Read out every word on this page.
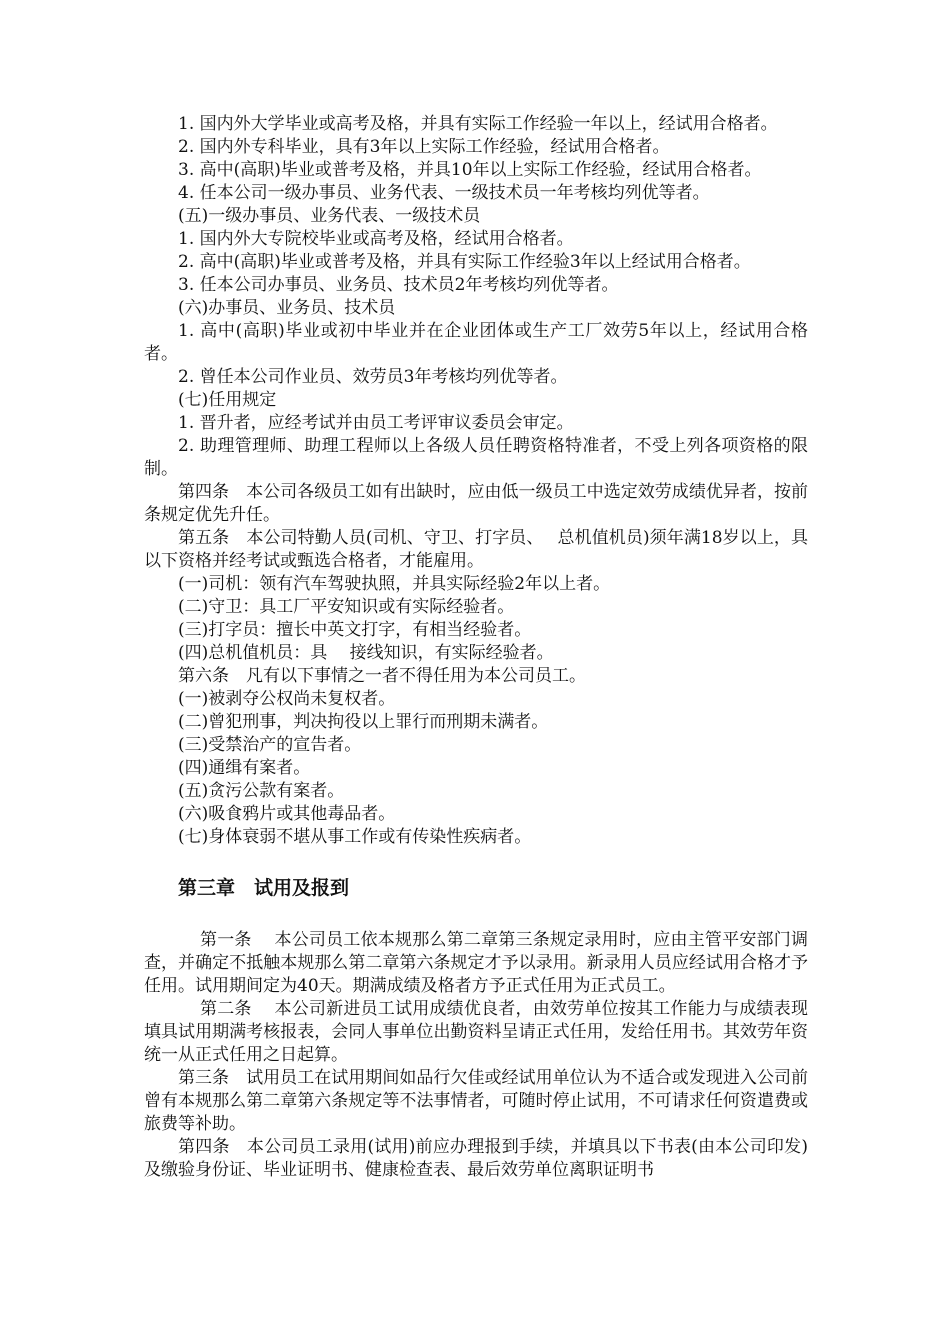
1. 国内外大学毕业或高考及格，并具有实际工作经验一年以上，经试用合格者。

2. 国内外专科毕业，具有3年以上实际工作经验，经试用合格者。

3. 高中(高职)毕业或普考及格，并具10年以上实际工作经验，经试用合格者。

4. 任本公司一级办事员、业务代表、一级技术员一年考核均列优等者。

(五)一级办事员、业务代表、一级技术员

1. 国内外大专院校毕业或高考及格，经试用合格者。

2. 高中(高职)毕业或普考及格，并具有实际工作经验3年以上经试用合格者。

3. 任本公司办事员、业务员、技术员2年考核均列优等者。

(六)办事员、业务员、技术员

1. 高中(高职)毕业或初中毕业并在企业团体或生产工厂效劳5年以上，经试用合格者。

2. 曾任本公司作业员、效劳员3年考核均列优等者。

(七)任用规定

1. 晋升者，应经考试并由员工考评审议委员会审定。

2. 助理管理师、助理工程师以上各级人员任聘资格特准者，不受上列各项资格的限制。

第四条　本公司各级员工如有出缺时，应由低一级员工中选定效劳成绩优异者，按前条规定优先升任。

第五条　本公司特勤人员(司机、守卫、打字员、　 总机值机员)须年满18岁以上，具以下资格并经考试或甄选合格者，才能雇用。

(一)司机：领有汽车驾驶执照，并具实际经验2年以上者。

(二)守卫：具工厂平安知识或有实际经验者。

(三)打字员：擅长中英文打字，有相当经验者。

(四)总机值机员：具　 接线知识，有实际经验者。

第六条　凡有以下事情之一者不得任用为本公司员工。

(一)被剥夺公权尚未复权者。

(二)曾犯刑事，判决拘役以上罪行而刑期未满者。

(三)受禁治产的宣告者。

(四)通缉有案者。

(五)贪污公款有案者。

(六)吸食鸦片或其他毒品者。

(七)身体衰弱不堪从事工作或有传染性疾病者。

第三章　试用及报到

第一条　 本公司员工依本规那么第二章第三条规定录用时，应由主管平安部门调查，并确定不抵触本规那么第二章第六条规定才予以录用。新录用人员应经试用合格才予任用。试用期间定为40天。期满成绩及格者方予正式任用为正式员工。

第二条　 本公司新进员工试用成绩优良者，由效劳单位按其工作能力与成绩表现填具试用期满考核报表，会同人事单位出勤资料呈请正式任用，发给任用书。其效劳年资统一从正式任用之日起算。

第三条　试用员工在试用期间如品行欠佳或经试用单位认为不适合或发现进入公司前曾有本规那么第二章第六条规定等不法事情者，可随时停止试用，不可请求任何资遣费或旅费等补助。

第四条　本公司员工录用(试用)前应办理报到手续，并填具以下书表(由本公司印发)及缴验身份证、毕业证明书、健康检查表、最后效劳单位离职证明书
